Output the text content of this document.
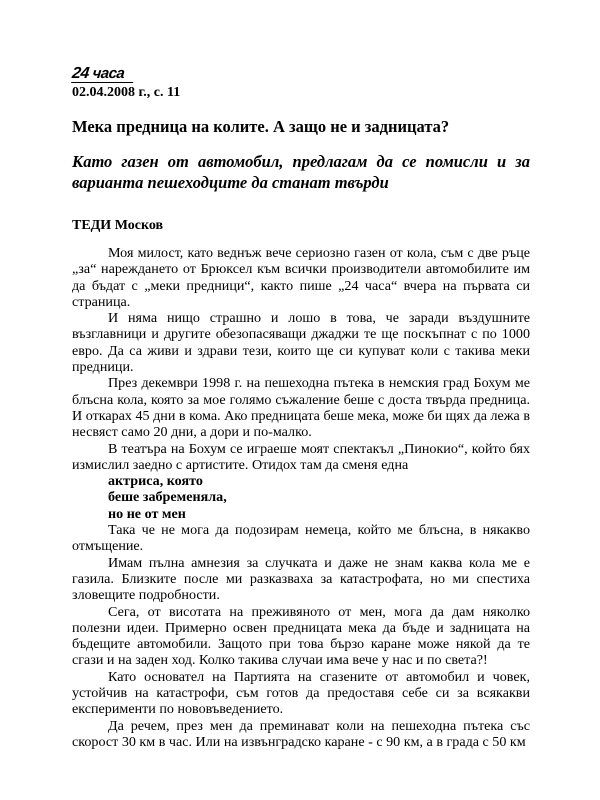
24 часа
02.04.2008 г., с. 11
Мека предница на колите. А защо не и задницата?
Като газен от автомобил, предлагам да се помисли и за варианта пешеходците да станат твърди
ТЕДИ Москов

Моя милост, като веднъж вече сериозно газен от кола, съм с две ръце „за“ нареждането от Брюксел към всички производители автомобилите им да бъдат с „меки предници“, както пише „24 часа“ вчера на първата си страница.

И няма нищо страшно и лошо в това, че заради въздушните възглавници и другите обезопасяващи джаджи те ще поскъпнат с по 1000 евро. Да са живи и здрави тези, които ще си купуват коли с такива меки предници.

През декември 1998 г. на пешеходна пътека в немския град Бохум ме блъсна кола, която за мое голямо съжаление беше с доста твърда предница. И откарах 45 дни в кома. Ако предницата беше мека, може би щях да лежа в несвяст само 20 дни, а дори и по-малко.

В театъра на Бохум се играеше моят спектакъл „Пинокио“, който бях измислил заедно с артистите. Отидох там да сменя една

актриса, която
беше забременяла,
но не от мен

Така че не мога да подозирам немеца, който ме блъсна, в някакво отмъщение.

Имам пълна амнезия за случката и даже не знам каква кола ме е газила. Близките после ми разказваха за катастрофата, но ми спестиха зловещите подробности.

Сега, от висотата на преживяното от мен, мога да дам няколко полезни идеи. Примерно освен предницата мека да бъде и задницата на бъдещите автомобили. Защото при това бързо каране може някой да те сгази и на заден ход. Колко такива случаи има вече у нас и по света?!

Като основател на Партията на сгазените от автомобил и човек, устойчив на катастрофи, съм готов да предоставя себе си за всякакви експерименти по нововъведението.

Да речем, през мен да преминават коли на пешеходна пътека със скорост 30 км в час. Или на извънградско каране - с 90 км, а в града с 50 км
